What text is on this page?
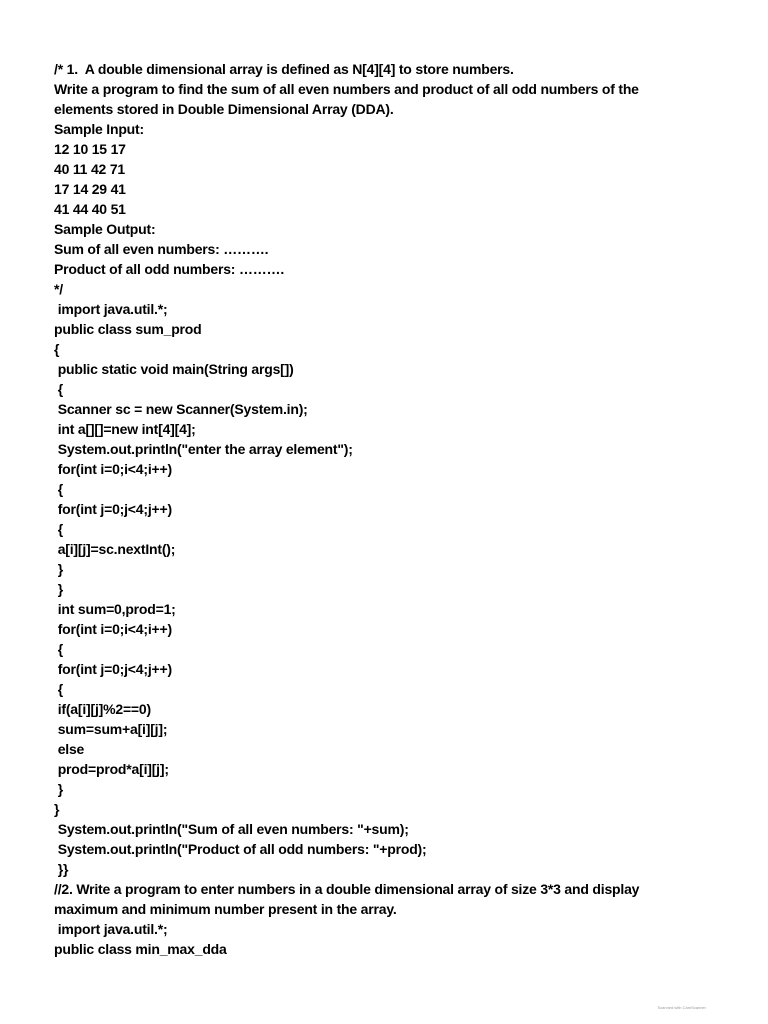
/* 1.  A double dimensional array is defined as N[4][4] to store numbers.
Write a program to find the sum of all even numbers and product of all odd numbers of the
elements stored in Double Dimensional Array (DDA).
Sample Input:
12 10 15 17
40 11 42 71
17 14 29 41
41 44 40 51
Sample Output:
Sum of all even numbers: ……….
Product of all odd numbers: ……….
*/
import java.util.*;
public class sum_prod
{
public static void main(String args[])
{
Scanner sc = new Scanner(System.in);
int a[][]=new int[4][4];
System.out.println("enter the array element");
for(int i=0;i<4;i++)
{
for(int j=0;j<4;j++)
{
a[i][j]=sc.nextInt();
}
}
int sum=0,prod=1;
for(int i=0;i<4;i++)
{
for(int j=0;j<4;j++)
{
if(a[i][j]%2==0)
sum=sum+a[i][j];
else
prod=prod*a[i][j];
}
}
System.out.println("Sum of all even numbers: "+sum);
System.out.println("Product of all odd numbers: "+prod);
}}
//2. Write a program to enter numbers in a double dimensional array of size 3*3 and display
maximum and minimum number present in the array.
import java.util.*;
public class min_max_dda
Scanned with CamScanner
